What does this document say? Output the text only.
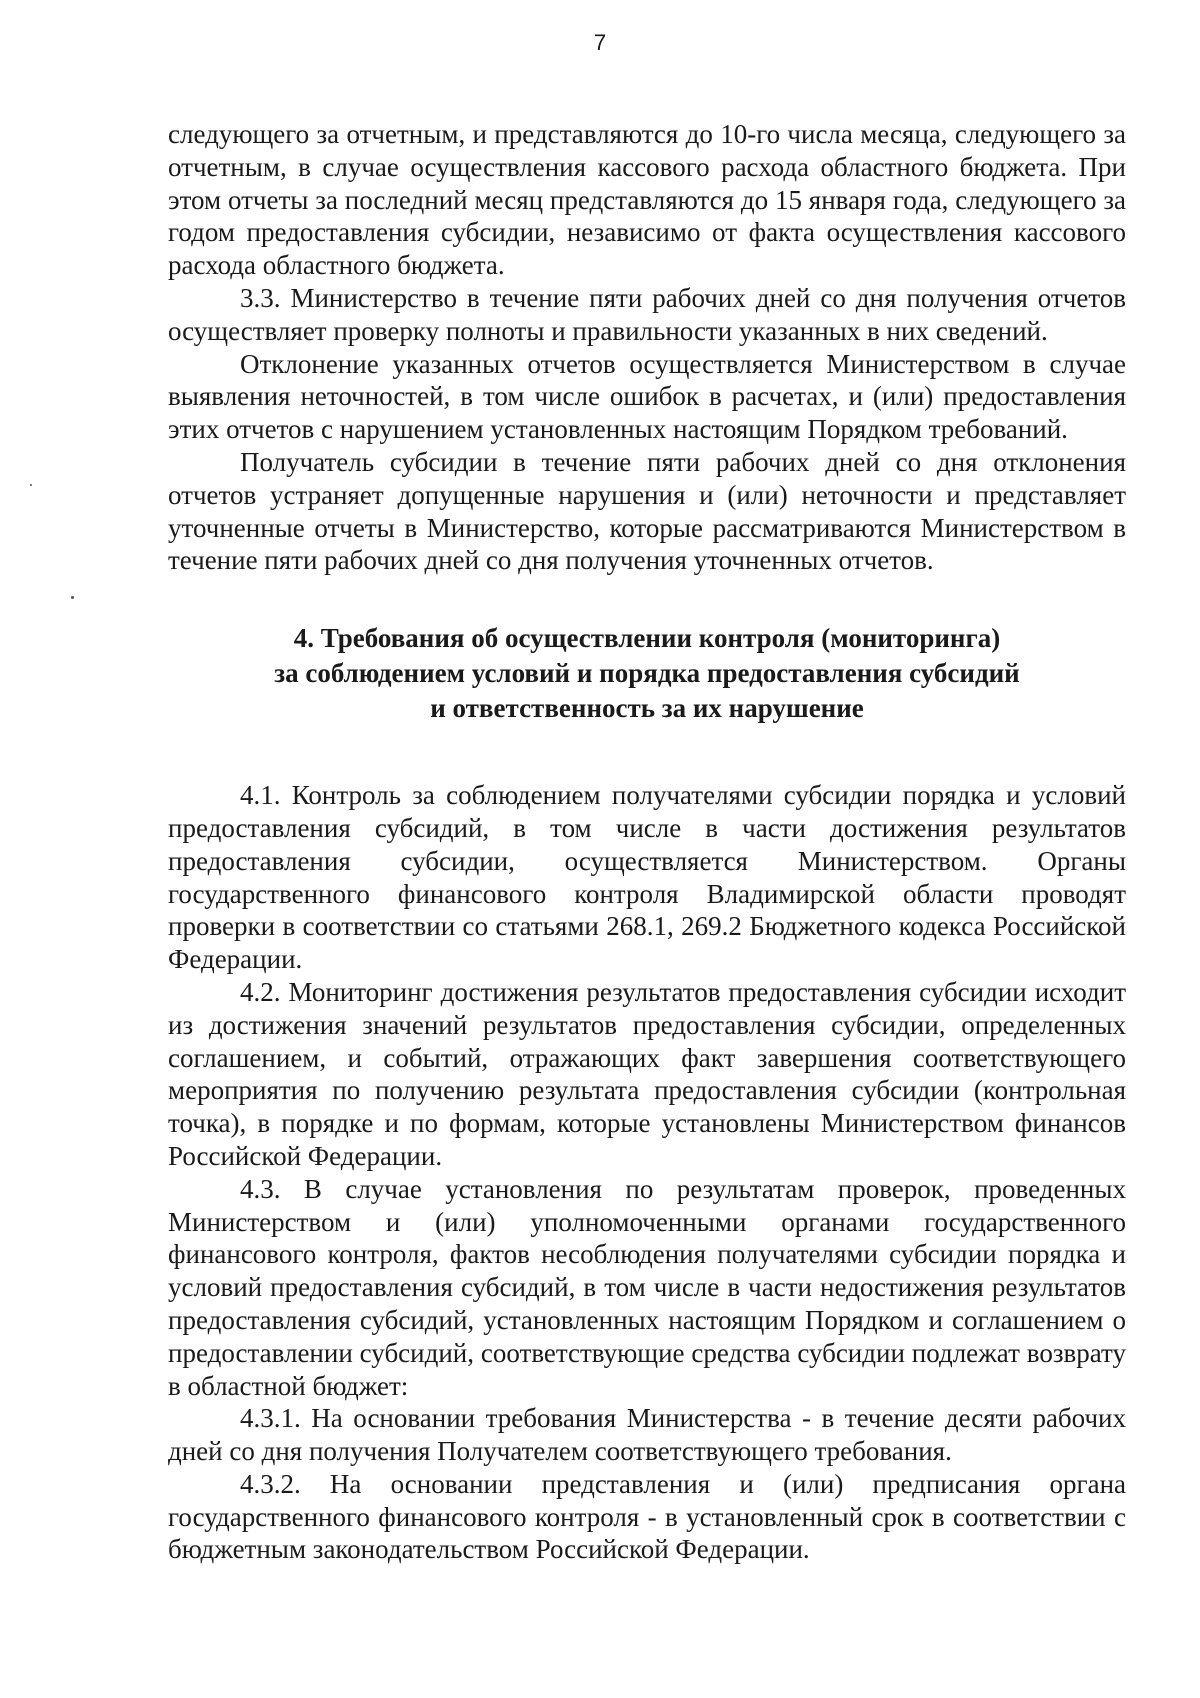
7

следующего за отчетным, и представляются до 10-го числа месяца, следующего за отчетным, в случае осуществления кассового расхода областного бюджета. При этом отчеты за последний месяц представляются до 15 января года, следующего за годом предоставления субсидии, независимо от факта осуществления кассового расхода областного бюджета.

3.3. Министерство в течение пяти рабочих дней со дня получения отчетов осуществляет проверку полноты и правильности указанных в них сведений.

Отклонение указанных отчетов осуществляется Министерством в случае выявления неточностей, в том числе ошибок в расчетах, и (или) предоставления этих отчетов с нарушением установленных настоящим Порядком требований.

Получатель субсидии в течение пяти рабочих дней со дня отклонения отчетов устраняет допущенные нарушения и (или) неточности и представляет уточненные отчеты в Министерство, которые рассматриваются Министерством в течение пяти рабочих дней со дня получения уточненных отчетов.

4. Требования об осуществлении контроля (мониторинга)
за соблюдением условий и порядка предоставления субсидий
и ответственность за их нарушение

4.1. Контроль за соблюдением получателями субсидии порядка и условий предоставления субсидий, в том числе в части достижения результатов предоставления субсидии, осуществляется Министерством. Органы государственного финансового контроля Владимирской области проводят проверки в соответствии со статьями 268.1, 269.2 Бюджетного кодекса Российской Федерации.

4.2. Мониторинг достижения результатов предоставления субсидии исходит из достижения значений результатов предоставления субсидии, определенных соглашением, и событий, отражающих факт завершения соответствующего мероприятия по получению результата предоставления субсидии (контрольная точка), в порядке и по формам, которые установлены Министерством финансов Российской Федерации.

4.3. В случае установления по результатам проверок, проведенных Министерством и (или) уполномоченными органами государственного финансового контроля, фактов несоблюдения получателями субсидии порядка и условий предоставления субсидий, в том числе в части недостижения результатов предоставления субсидий, установленных настоящим Порядком и соглашением о предоставлении субсидий, соответствующие средства субсидии подлежат возврату в областной бюджет:

4.3.1. На основании требования Министерства - в течение десяти рабочих дней со дня получения Получателем соответствующего требования.

4.3.2. На основании представления и (или) предписания органа государственного финансового контроля - в установленный срок в соответствии с бюджетным законодательством Российской Федерации.
